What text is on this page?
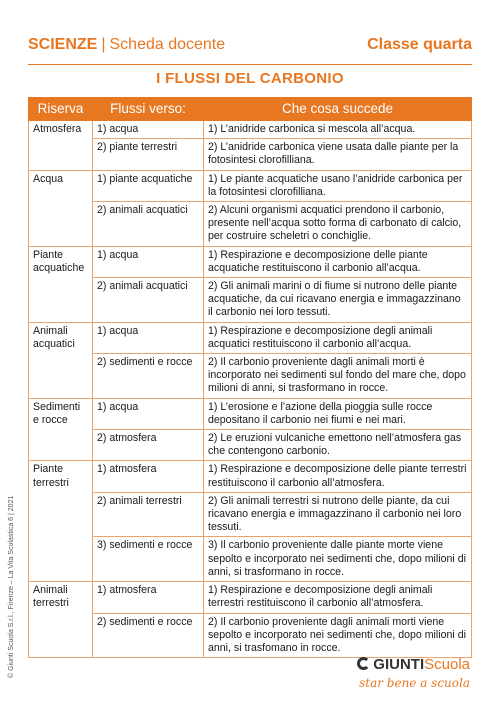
SCIENZE | Scheda docente	Classe quarta
I FLUSSI DEL CARBONIO
Riserva	Flussi verso:	Che cosa succede
Atmosfera	1) acqua	1) L’anidride carbonica si mescola all’acqua.
	2) piante terrestri	2) L’anidride carbonica viene usata dalle piante per la fotosintesi clorofilliana.
Acqua	1) piante acquatiche	1) Le piante acquatiche usano l’anidride carbonica per la fotosintesi clorofilliana.
	2) animali acquatici	2) Alcuni organismi acquatici prendono il carbonio, presente nell’acqua sotto forma di carbonato di calcio, per costruire scheletri o conchiglie.
Piante acquatiche	1) acqua	1) Respirazione e decomposizione delle piante acquatiche restituiscono il carbonio all’acqua.
	2) animali acquatici	2) Gli animali marini o di fiume si nutrono delle piante acquatiche, da cui ricavano energia e immagazzinano il carbonio nei loro tessuti.
Animali acquatici	1) acqua	1) Respirazione e decomposizione degli animali acquatici restituiscono il carbonio all’acqua.
	2) sedimenti e rocce	2) Il carbonio proveniente dagli animali morti è incorporato nei sedimenti sul fondo del mare che, dopo milioni di anni, si trasformano in rocce.
Sedimenti e rocce	1) acqua	1) L’erosione e l’azione della pioggia sulle rocce depositano il carbonio nei fiumi e nei mari.
	2) atmosfera	2) Le eruzioni vulcaniche emettono nell’atmosfera gas che contengono carbonio.
Piante terrestri	1) atmosfera	1) Respirazione e decomposizione delle piante terrestri restituiscono il carbonio all’atmosfera.
	2) animali terrestri	2) Gli animali terrestri si nutrono delle piante, da cui ricavano energia e immagazzinano il carbonio nei loro tessuti.
	3) sedimenti e rocce	3) Il carbonio proveniente dalle piante morte viene sepolto e incorporato nei sedimenti che, dopo milioni di anni, si trasformano in rocce.
Animali terrestri	1) atmosfera	1) Respirazione e decomposizione degli animali terrestri restituiscono il carbonio all’atmosfera.
	2) sedimenti e rocce	2) Il carbonio proveniente dagli animali morti viene sepolto e incorporato nei sedimenti che, dopo milioni di anni, si trasfomano in rocce.
© Giunti Scuola S.r.l., Firenze – La Vita Scolastica 6 | 2021	GIUNTIScuola
star bene a scuola
